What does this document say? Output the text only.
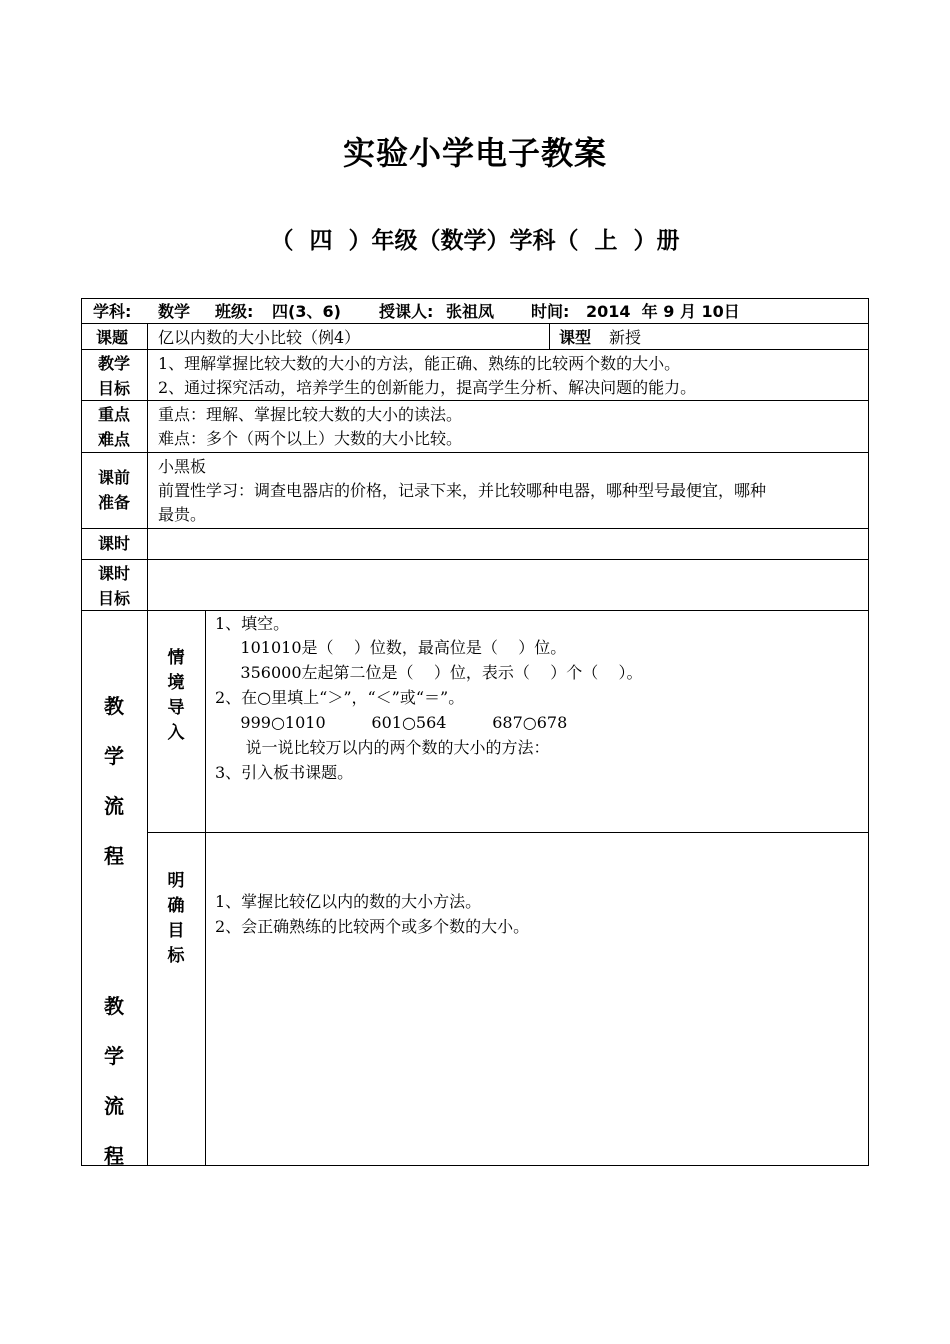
实验小学电子教案
（  四  ）年级（数学）学科（  上  ）册
学科: 数学 班级: 四(3、6) 授课人: 张祖凤 时间: 2014  年 9 月 10日
课题 亿以内数的大小比较（例4）	课型 新授
教学
目标
1、理解掌握比较大数的大小的方法，能正确、熟练的比较两个数的大小。
2、通过探究活动，培养学生的创新能力，提高学生分析、解决问题的能力。
重点
难点
重点：理解、掌握比较大数的大小的读法。
难点：多个（两个以上）大数的大小比较。
课前
准备
小黑板
前置性学习：调查电器店的价格，记录下来，并比较哪种电器，哪种型号最便宜，哪种
最贵。
课时
课时
目标
教
学
流
程
教
学
流
程
情
境
导
入
1、填空。
101010是（    ）位数，最高位是（    ）位。
356000左起第二位是（    ）位，表示（    ）个（    ）。
2、在○里填上“＞”，“＜”或“＝”。
999○1010         601○564         687○678
说一说比较万以内的两个数的大小的方法：
3、引入板书课题。
明
确
目
标
1、掌握比较亿以内的数的大小方法。
2、会正确熟练的比较两个或多个数的大小。
